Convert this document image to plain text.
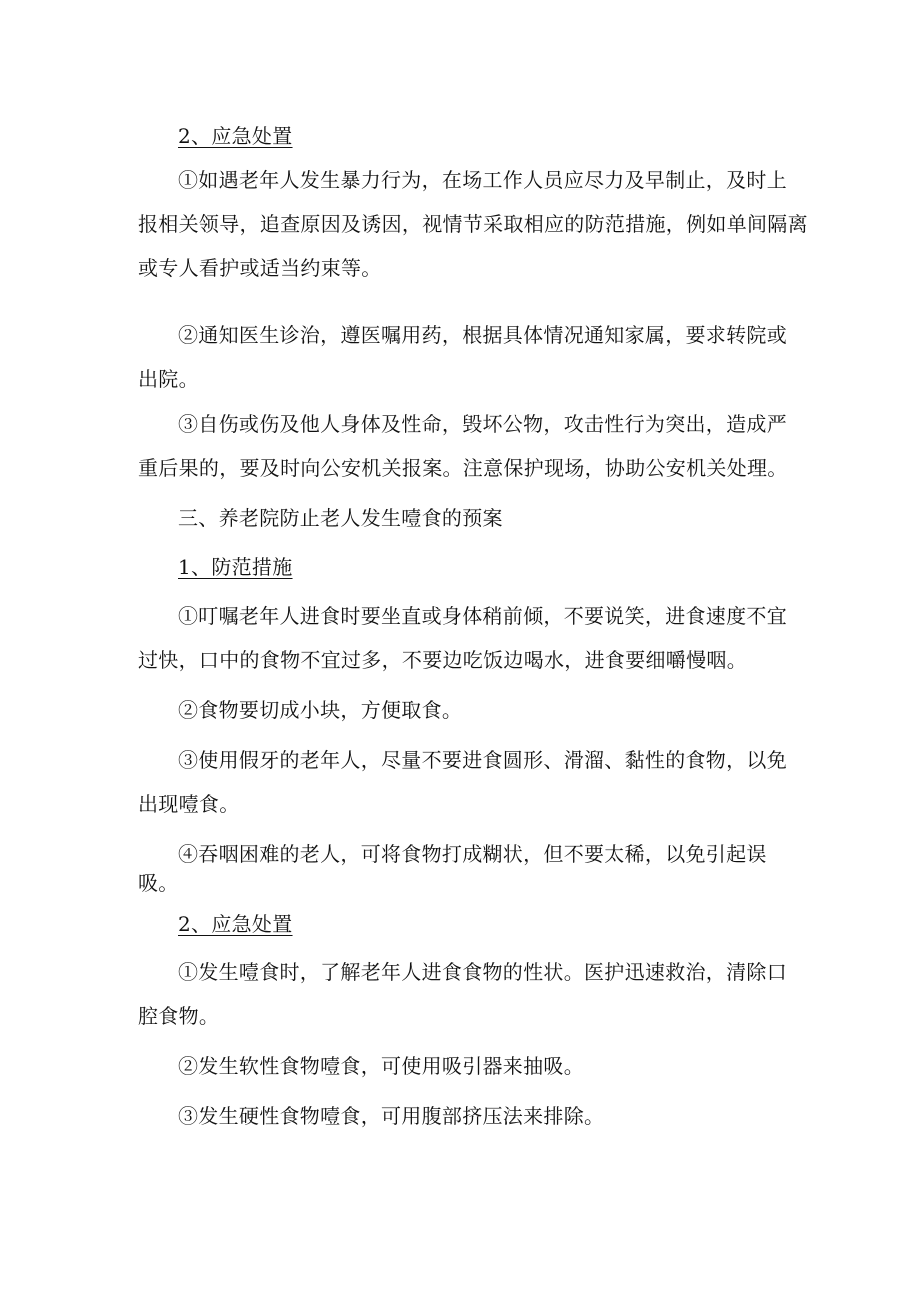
2、应急处置

①如遇老年人发生暴力行为，在场工作人员应尽力及早制止，及时上
报相关领导，追查原因及诱因，视情节采取相应的防范措施，例如单间隔离
或专人看护或适当约束等。

②通知医生诊治，遵医嘱用药，根据具体情况通知家属，要求转院或
出院。

③自伤或伤及他人身体及性命，毁坏公物，攻击性行为突出，造成严
重后果的，要及时向公安机关报案。注意保护现场，协助公安机关处理。

三、养老院防止老人发生噎食的预案

1、防范措施

①叮嘱老年人进食时要坐直或身体稍前倾，不要说笑，进食速度不宜
过快，口中的食物不宜过多，不要边吃饭边喝水，进食要细嚼慢咽。

②食物要切成小块，方便取食。

③使用假牙的老年人，尽量不要进食圆形、滑溜、黏性的食物，以免
出现噎食。

④吞咽困难的老人，可将食物打成糊状，但不要太稀，以免引起误
吸。

2、应急处置

①发生噎食时，了解老年人进食食物的性状。医护迅速救治，清除口
腔食物。

②发生软性食物噎食，可使用吸引器来抽吸。

③发生硬性食物噎食，可用腹部挤压法来排除。
